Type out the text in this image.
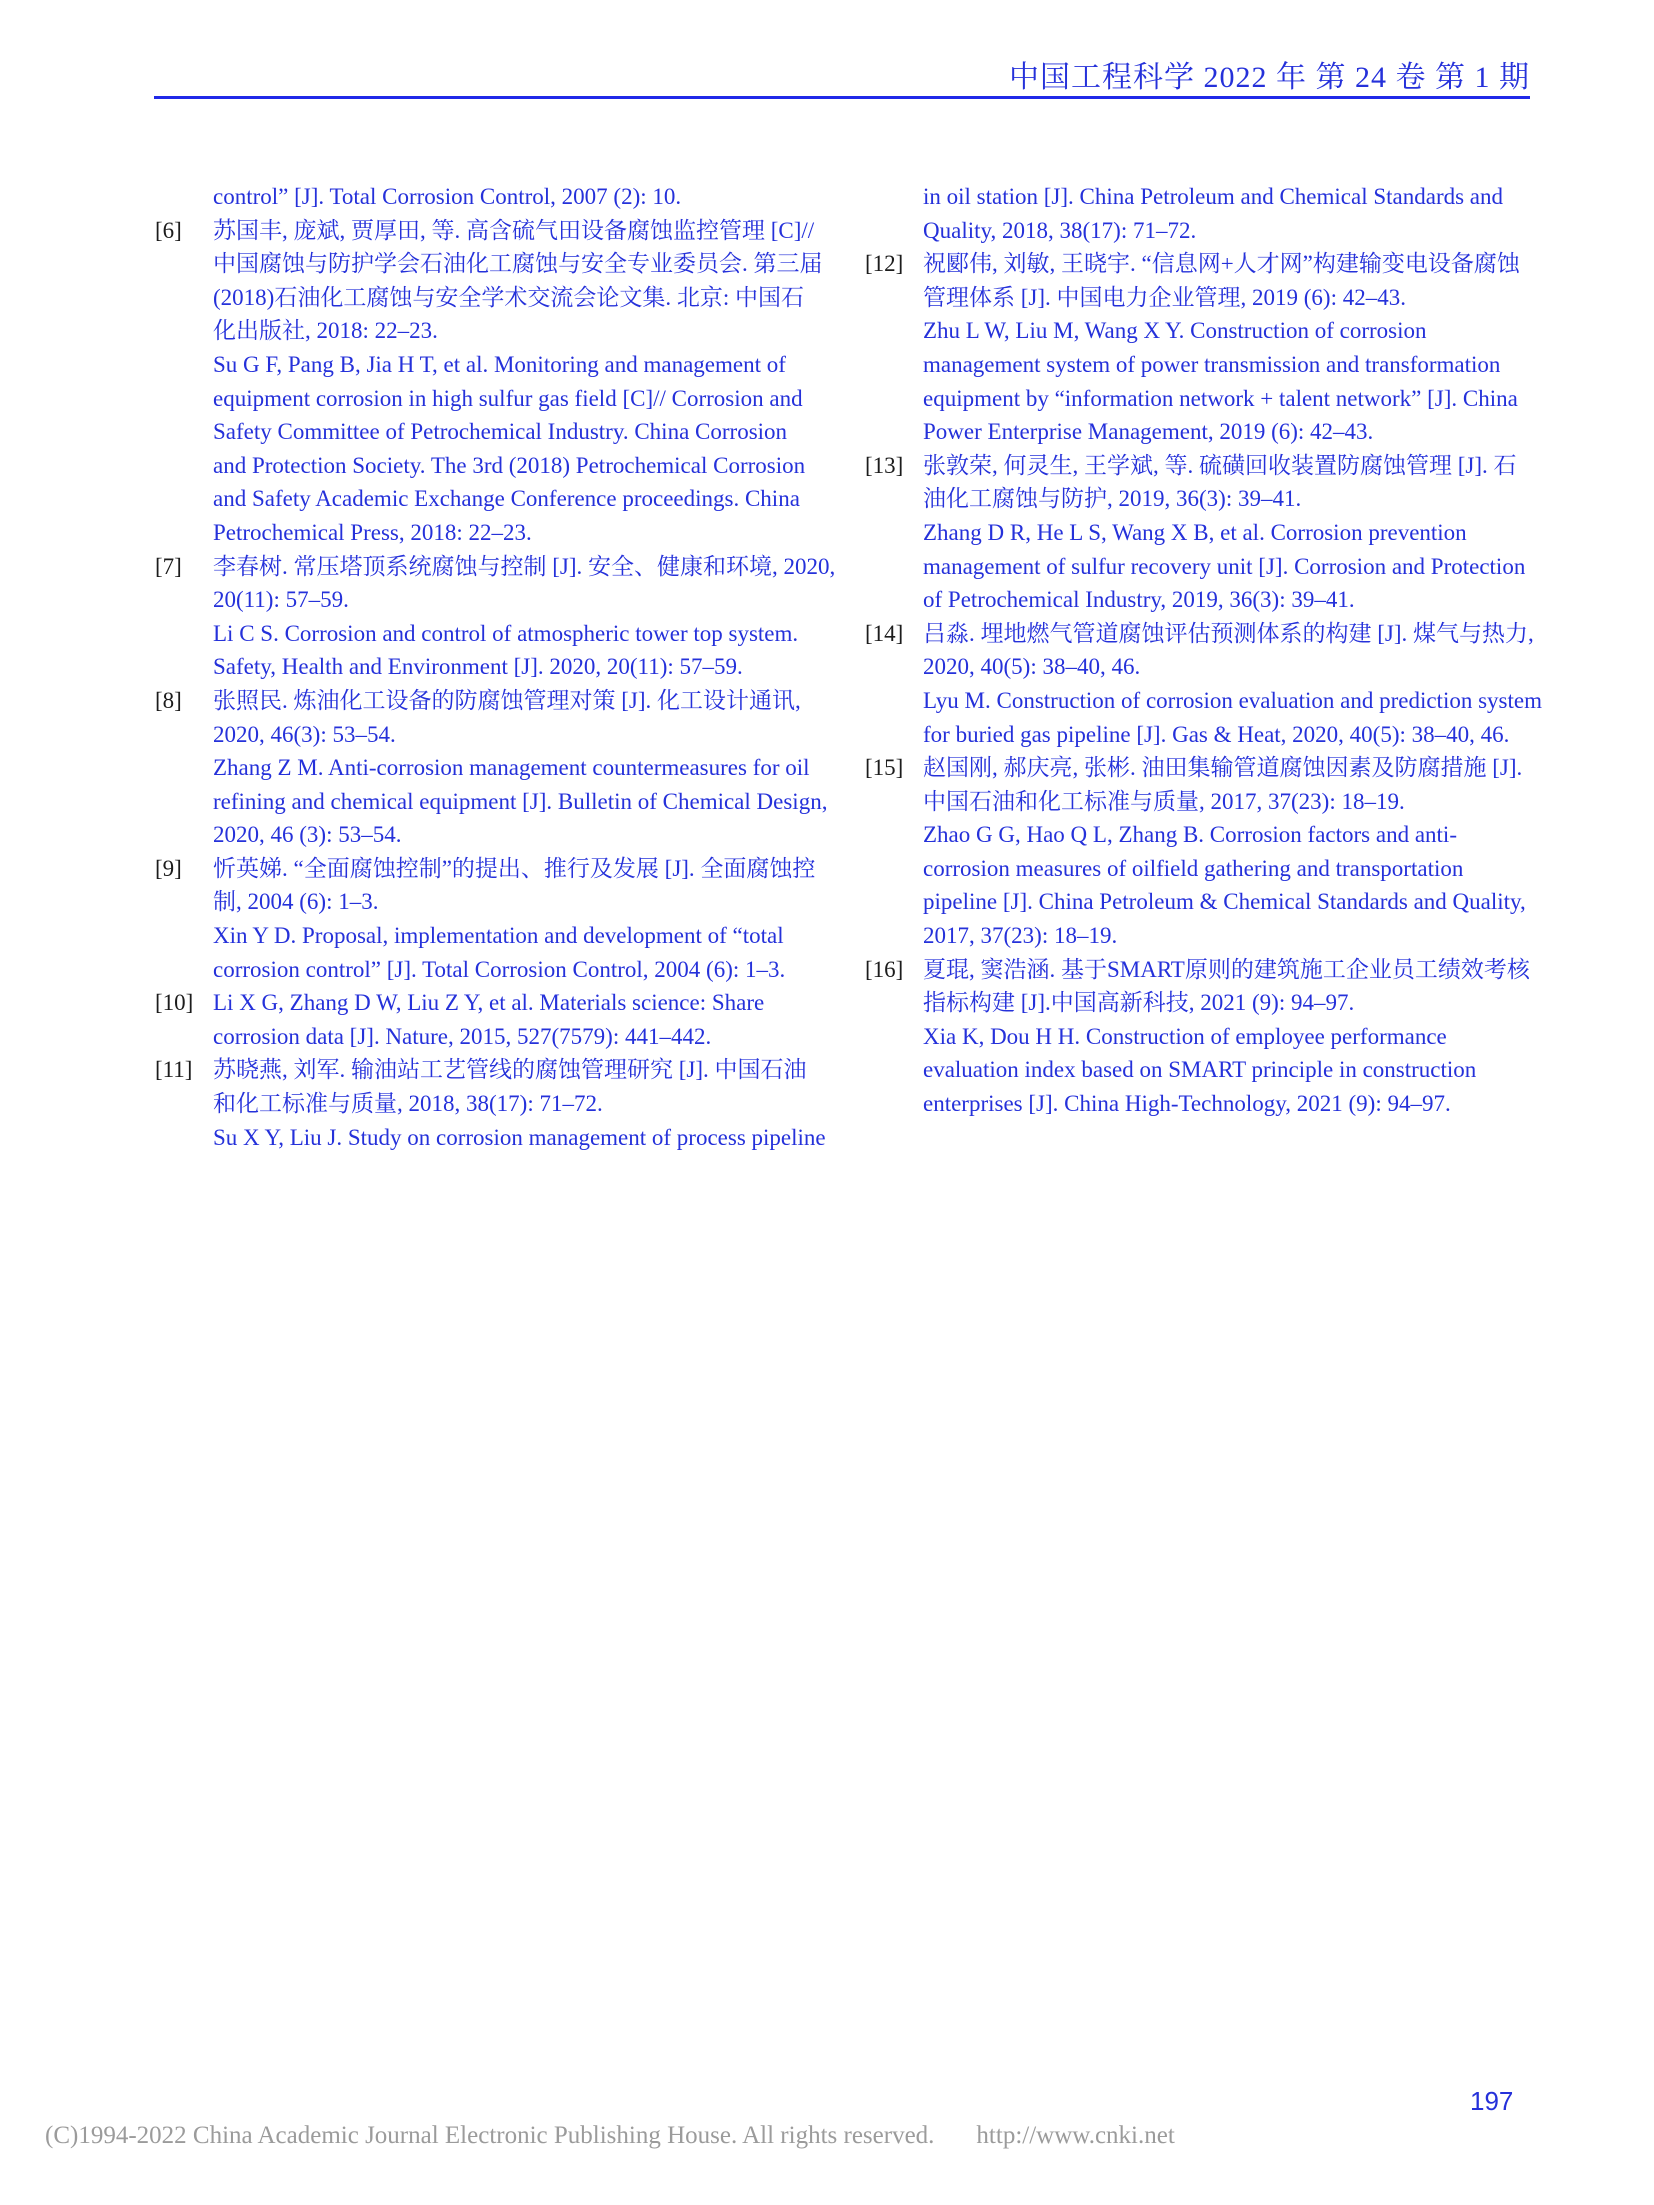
中国工程科学 2022 年 第 24 卷 第 1 期
control” [J]. Total Corrosion Control, 2007 (2): 10.
[6]	苏国丰, 庞斌, 贾厚田, 等. 高含硫气田设备腐蚀监控管理 [C]//
中国腐蚀与防护学会石油化工腐蚀与安全专业委员会. 第三届
(2018)石油化工腐蚀与安全学术交流会论文集. 北京: 中国石
化出版社, 2018: 22–23.
Su G F, Pang B, Jia H T, et al. Monitoring and management of
equipment corrosion in high sulfur gas field [C]// Corrosion and
Safety Committee of Petrochemical Industry. China Corrosion
and Protection Society. The 3rd (2018) Petrochemical Corrosion
and Safety Academic Exchange Conference proceedings. China
Petrochemical Press, 2018: 22–23.
[7]	李春树. 常压塔顶系统腐蚀与控制 [J]. 安全、健康和环境, 2020,
20(11): 57–59.
Li C S. Corrosion and control of atmospheric tower top system.
Safety, Health and Environment [J]. 2020, 20(11): 57–59.
[8]	张照民. 炼油化工设备的防腐蚀管理对策 [J]. 化工设计通讯,
2020, 46(3): 53–54.
Zhang Z M. Anti-corrosion management countermeasures for oil
refining and chemical equipment [J]. Bulletin of Chemical Design,
2020, 46 (3): 53–54.
[9]	忻英娣. “全面腐蚀控制”的提出、推行及发展 [J]. 全面腐蚀控
制, 2004 (6): 1–3.
Xin Y D. Proposal, implementation and development of “total
corrosion control” [J]. Total Corrosion Control, 2004 (6): 1–3.
[10] Li X G, Zhang D W, Liu Z Y, et al. Materials science: Share
corrosion data [J]. Nature, 2015, 527(7579): 441–442.
[11] 苏晓燕, 刘军. 输油站工艺管线的腐蚀管理研究 [J]. 中国石油
和化工标准与质量, 2018, 38(17): 71–72.
Su X Y, Liu J. Study on corrosion management of process pipeline
in oil station [J]. China Petroleum and Chemical Standards and
Quality, 2018, 38(17): 71–72.
[12] 祝郾伟, 刘敏, 王晓宇. “信息网+人才网”构建输变电设备腐蚀
管理体系 [J]. 中国电力企业管理, 2019 (6): 42–43.
Zhu L W, Liu M, Wang X Y. Construction of corrosion
management system of power transmission and transformation
equipment by “information network + talent network” [J]. China
Power Enterprise Management, 2019 (6): 42–43.
[13] 张敦荣, 何灵生, 王学斌, 等. 硫磺回收装置防腐蚀管理 [J]. 石
油化工腐蚀与防护, 2019, 36(3): 39–41.
Zhang D R, He L S, Wang X B, et al. Corrosion prevention
management of sulfur recovery unit [J]. Corrosion and Protection
of Petrochemical Industry, 2019, 36(3): 39–41.
[14] 吕淼. 埋地燃气管道腐蚀评估预测体系的构建 [J]. 煤气与热力,
2020, 40(5): 38–40, 46.
Lyu M. Construction of corrosion evaluation and prediction system
for buried gas pipeline [J]. Gas & Heat, 2020, 40(5): 38–40, 46.
[15] 赵国刚, 郝庆亮, 张彬. 油田集输管道腐蚀因素及防腐措施 [J].
中国石油和化工标准与质量, 2017, 37(23): 18–19.
Zhao G G, Hao Q L, Zhang B. Corrosion factors and anti-
corrosion measures of oilfield gathering and transportation
pipeline [J]. China Petroleum & Chemical Standards and Quality,
2017, 37(23): 18–19.
[16] 夏琨, 窦浩涵. 基于SMART原则的建筑施工企业员工绩效考核
指标构建 [J].中国高新科技, 2021 (9): 94–97.
Xia K, Dou H H. Construction of employee performance
evaluation index based on SMART principle in construction
enterprises [J]. China High-Technology, 2021 (9): 94–97.
197
(C)1994-2022 China Academic Journal Electronic Publishing House. All rights reserved. http://www.cnki.net
